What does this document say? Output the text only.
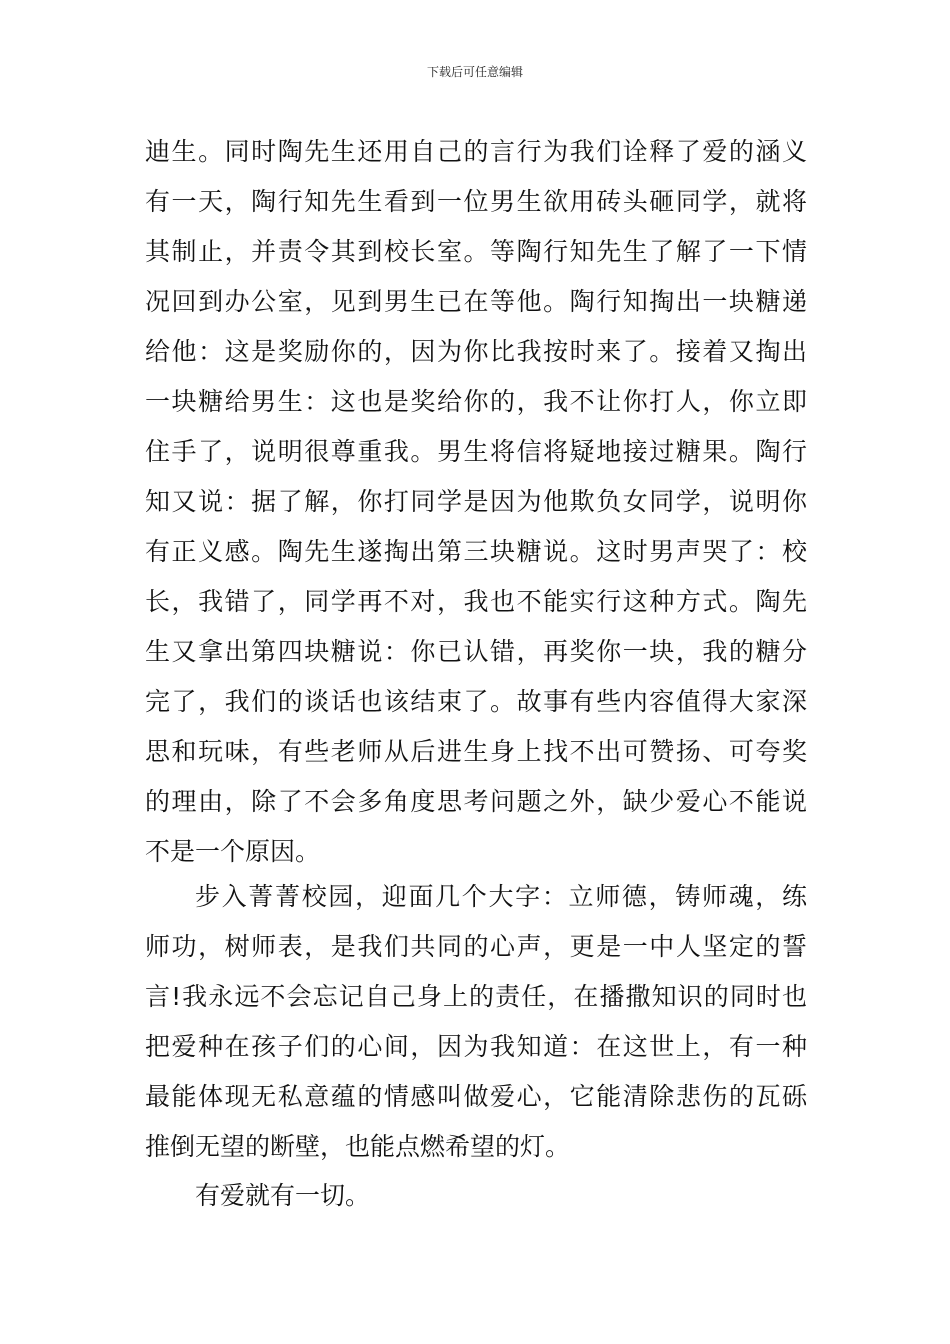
下载后可任意编辑
迪生。同时陶先生还用自己的言行为我们诠释了爱的涵义
有一天，陶行知先生看到一位男生欲用砖头砸同学，就将
其制止，并责令其到校长室。等陶行知先生了解了一下情
况回到办公室，见到男生已在等他。陶行知掏出一块糖递
给他：这是奖励你的，因为你比我按时来了。接着又掏出
一块糖给男生：这也是奖给你的，我不让你打人，你立即
住手了，说明很尊重我。男生将信将疑地接过糖果。陶行
知又说：据了解，你打同学是因为他欺负女同学，说明你
有正义感。陶先生遂掏出第三块糖说。这时男声哭了：校
长，我错了，同学再不对，我也不能实行这种方式。陶先
生又拿出第四块糖说：你已认错，再奖你一块，我的糖分
完了，我们的谈话也该结束了。故事有些内容值得大家深
思和玩味，有些老师从后进生身上找不出可赞扬、可夸奖
的理由，除了不会多角度思考问题之外，缺少爱心不能说
不是一个原因。
步入菁菁校园，迎面几个大字：立师德，铸师魂，练
师功，树师表，是我们共同的心声，更是一中人坚定的誓
言!我永远不会忘记自己身上的责任，在播撒知识的同时也
把爱种在孩子们的心间，因为我知道：在这世上，有一种
最能体现无私意蕴的情感叫做爱心，它能清除悲伤的瓦砾
推倒无望的断壁，也能点燃希望的灯。
有爱就有一切。
